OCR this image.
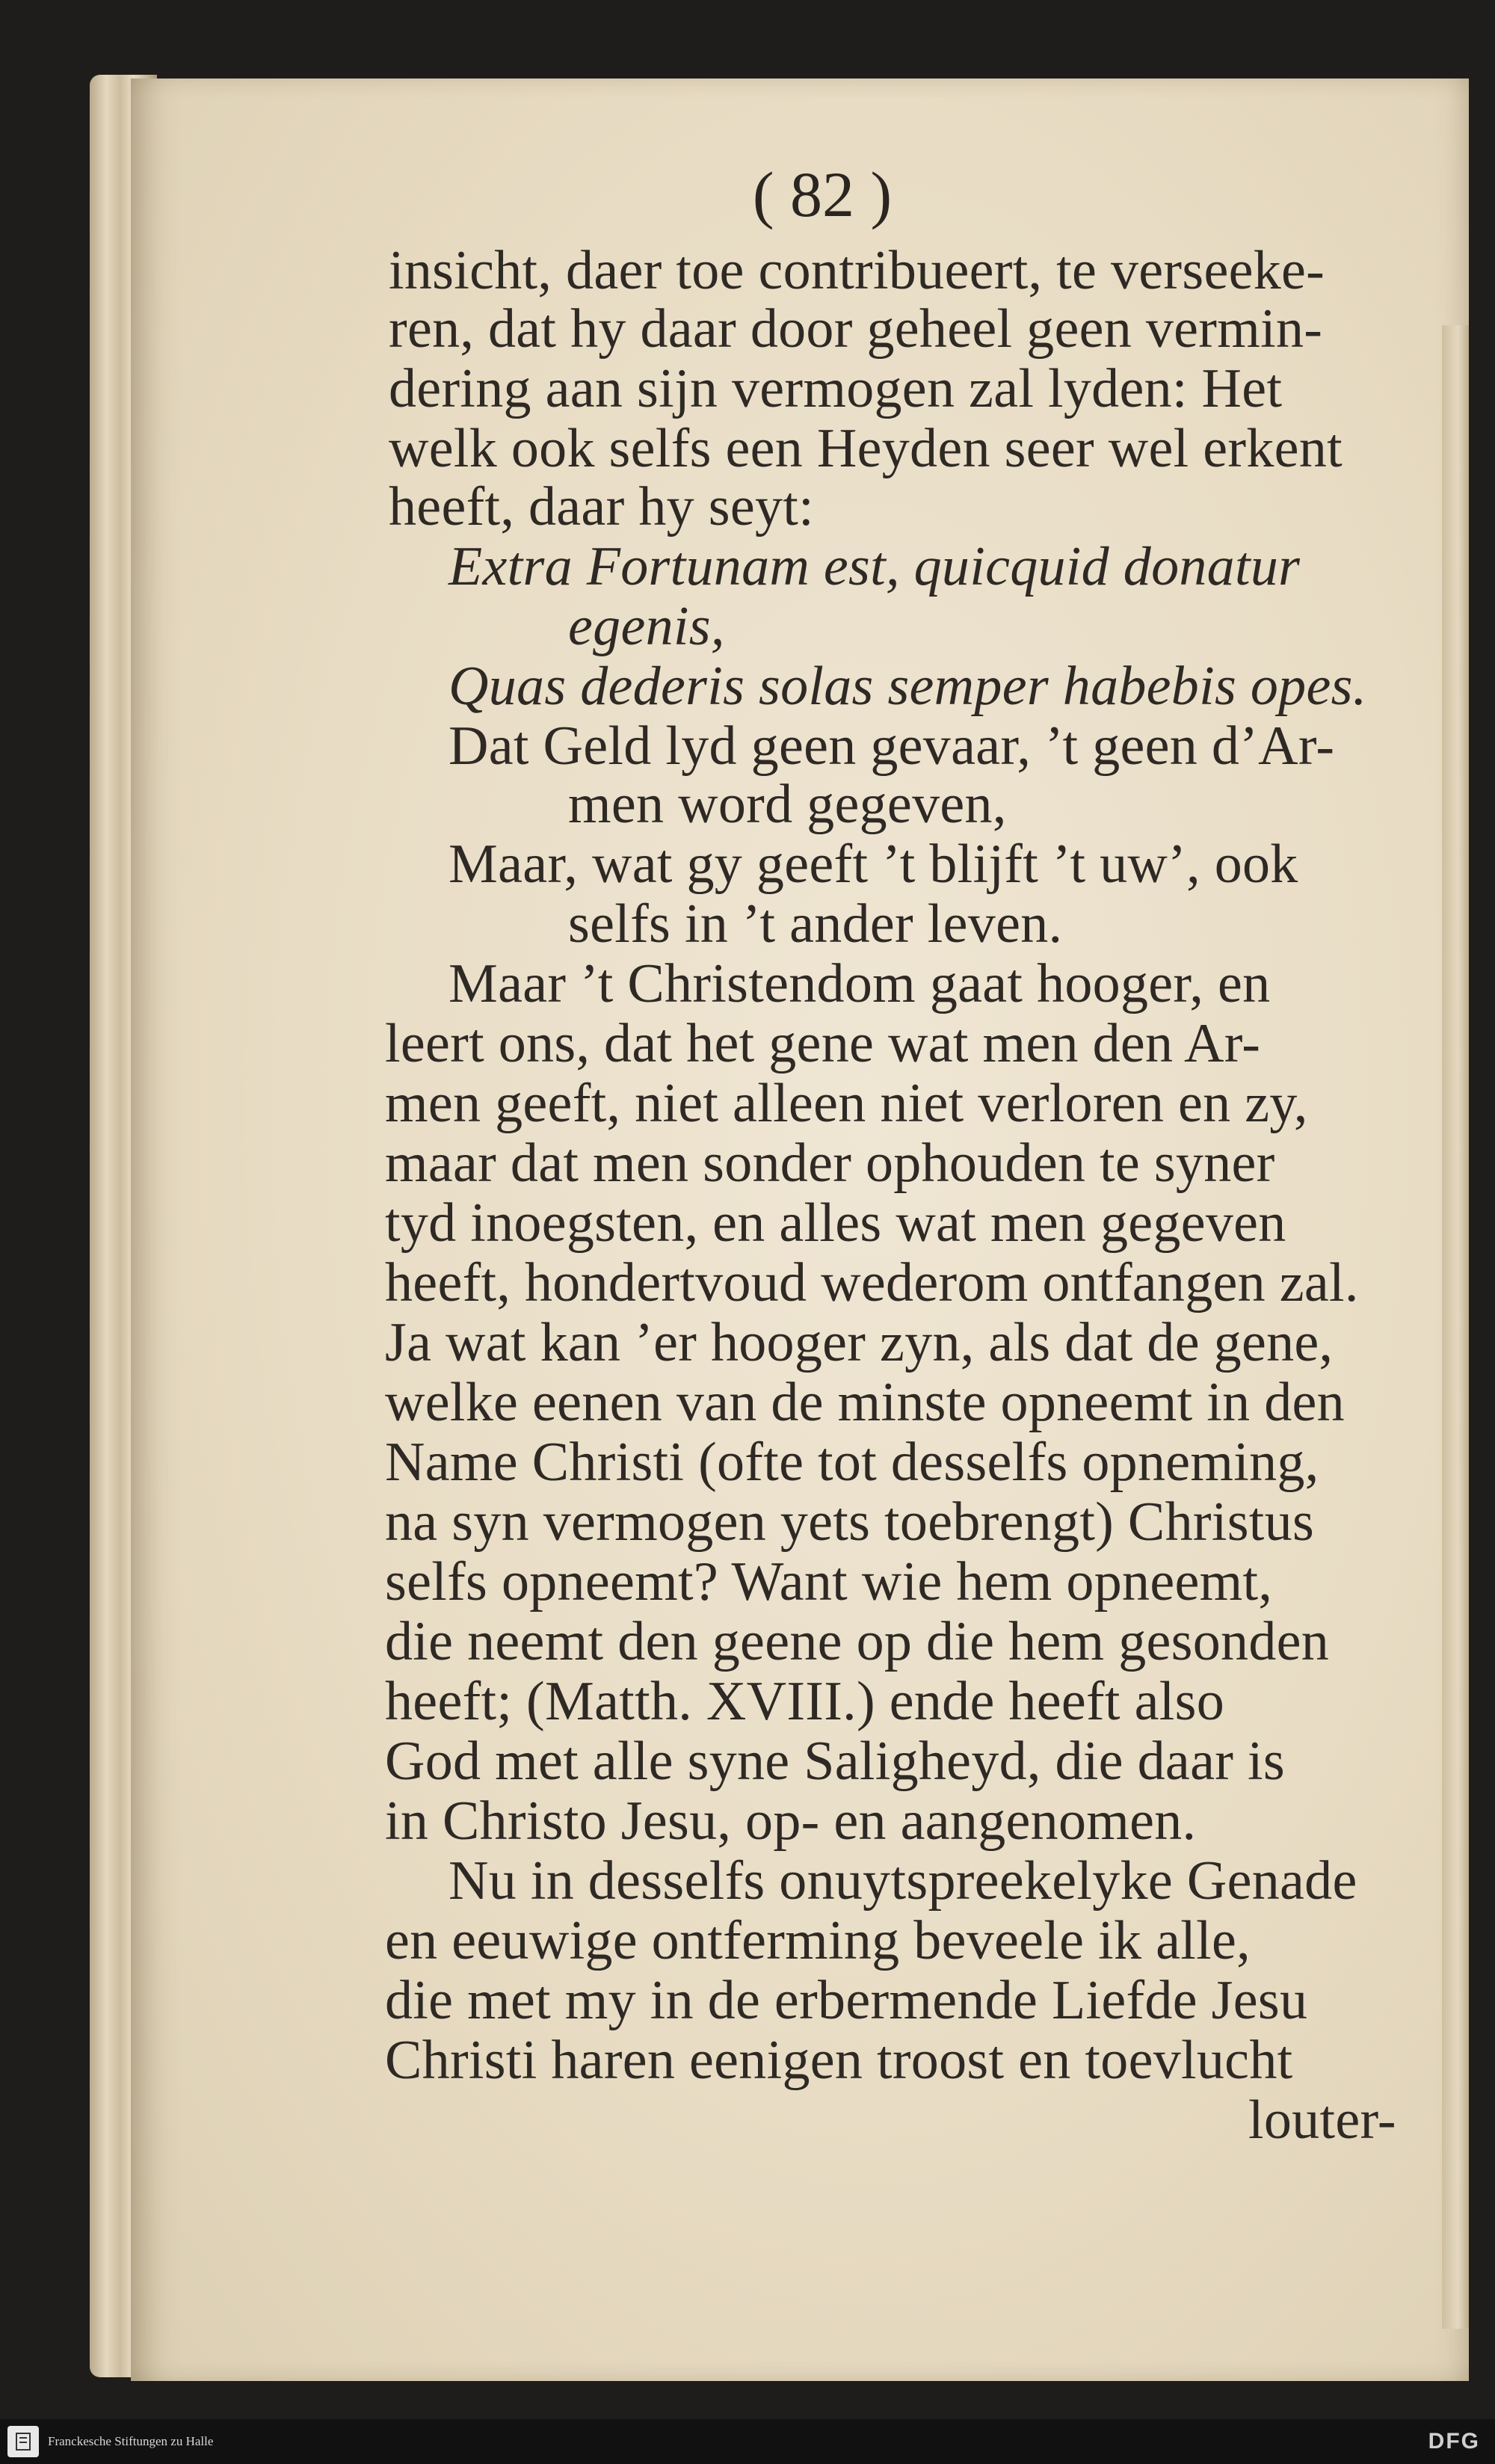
( 82 )
insicht, daer toe contribueert, te verseeke-
ren, dat hy daar door geheel geen vermin-
dering aan sijn vermogen zal lyden: Het
welk ook selfs een Heyden seer wel erkent
heeft, daar hy seyt:
Extra Fortunam est, quicquid donatur
egenis,
Quas dederis solas semper habebis opes.
Dat Geld lyd geen gevaar, ’t geen d’Ar-
men word gegeven,
Maar, wat gy geeft ’t blijft ’t uw’, ook
selfs in ’t ander leven.
Maar ’t Christendom gaat hooger, en
leert ons, dat het gene wat men den Ar-
men geeft, niet alleen niet verloren en zy,
maar dat men sonder ophouden te syner
tyd inoegsten, en alles wat men gegeven
heeft, hondertvoud wederom ontfangen zal.
Ja wat kan ’er hooger zyn, als dat de gene,
welke eenen van de minste opneemt in den
Name Christi (ofte tot desselfs opneming,
na syn vermogen yets toebrengt) Christus
selfs opneemt? Want wie hem opneemt,
die neemt den geene op die hem gesonden
heeft; (Matth. XVIII.) ende heeft also
God met alle syne Saligheyd, die daar is
in Christo Jesu, op- en aangenomen.
Nu in desselfs onuytspreekelyke Genade
en eeuwige ontferming beveele ik alle,
die met my in de erbermende Liefde Jesu
Christi haren eenigen troost en toevlucht
louter-
Franckesche Stiftungen zu Halle	DFG
